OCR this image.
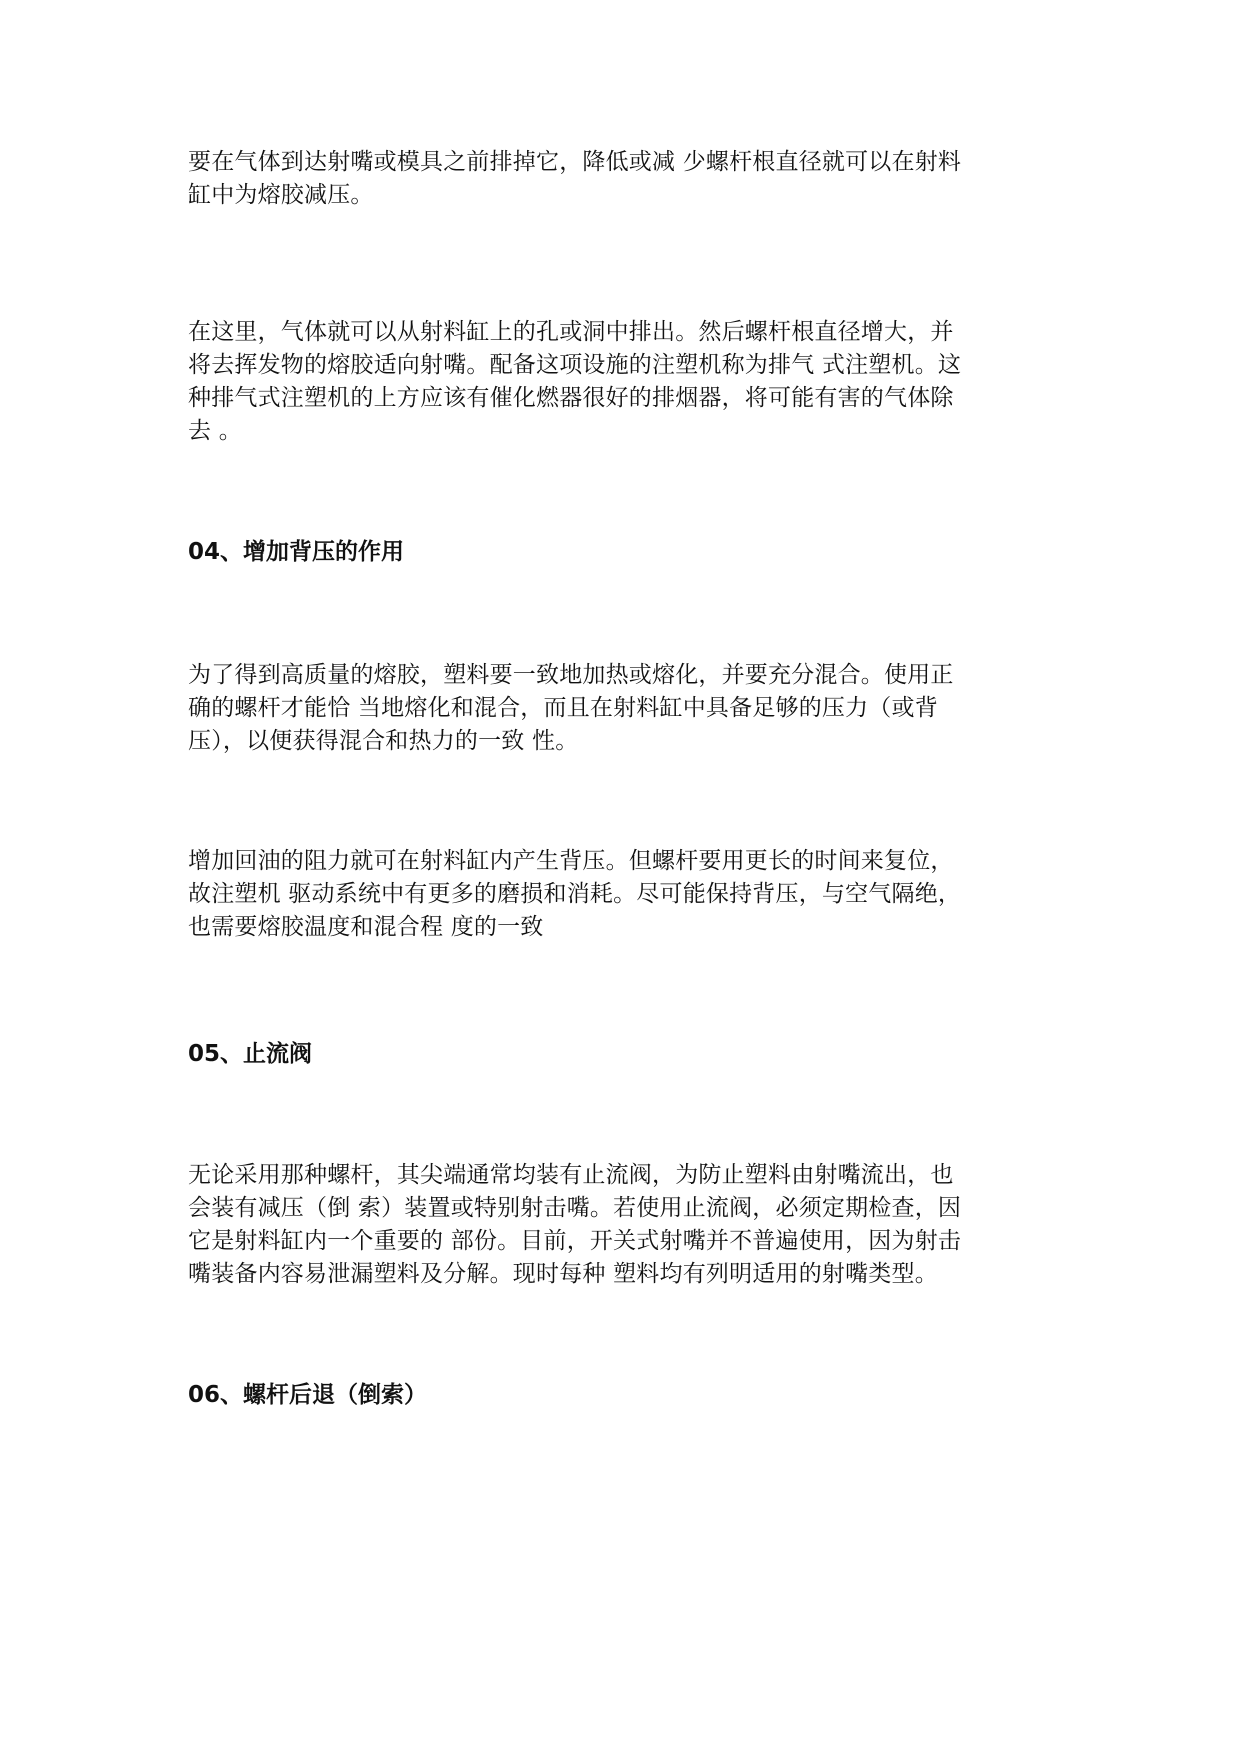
要在气体到达射嘴或模具之前排掉它，降低或减 少螺杆根直径就可以在射料
缸中为熔胶减压。

在这里，气体就可以从射料缸上的孔或洞中排出。然后螺杆根直径增大，并
将去挥发物的熔胶适向射嘴。配备这项设施的注塑机称为排气 式注塑机。这
种排气式注塑机的上方应该有催化燃器很好的排烟器，将可能有害的气体除
去 。

04、增加背压的作用

为了得到高质量的熔胶，塑料要一致地加热或熔化，并要充分混合。使用正
确的螺杆才能恰 当地熔化和混合，而且在射料缸中具备足够的压力（或背
压），以便获得混合和热力的一致 性。

增加回油的阻力就可在射料缸内产生背压。但螺杆要用更长的时间来复位，
故注塑机 驱动系统中有更多的磨损和消耗。尽可能保持背压，与空气隔绝，
也需要熔胶温度和混合程 度的一致

05、止流阀

无论采用那种螺杆，其尖端通常均装有止流阀，为防止塑料由射嘴流出，也
会装有减压（倒 索）装置或特别射击嘴。若使用止流阀，必须定期检查，因
它是射料缸内一个重要的 部份。目前，开关式射嘴并不普遍使用，因为射击
嘴装备内容易泄漏塑料及分解。现时每种 塑料均有列明适用的射嘴类型。

06、螺杆后退（倒索）
